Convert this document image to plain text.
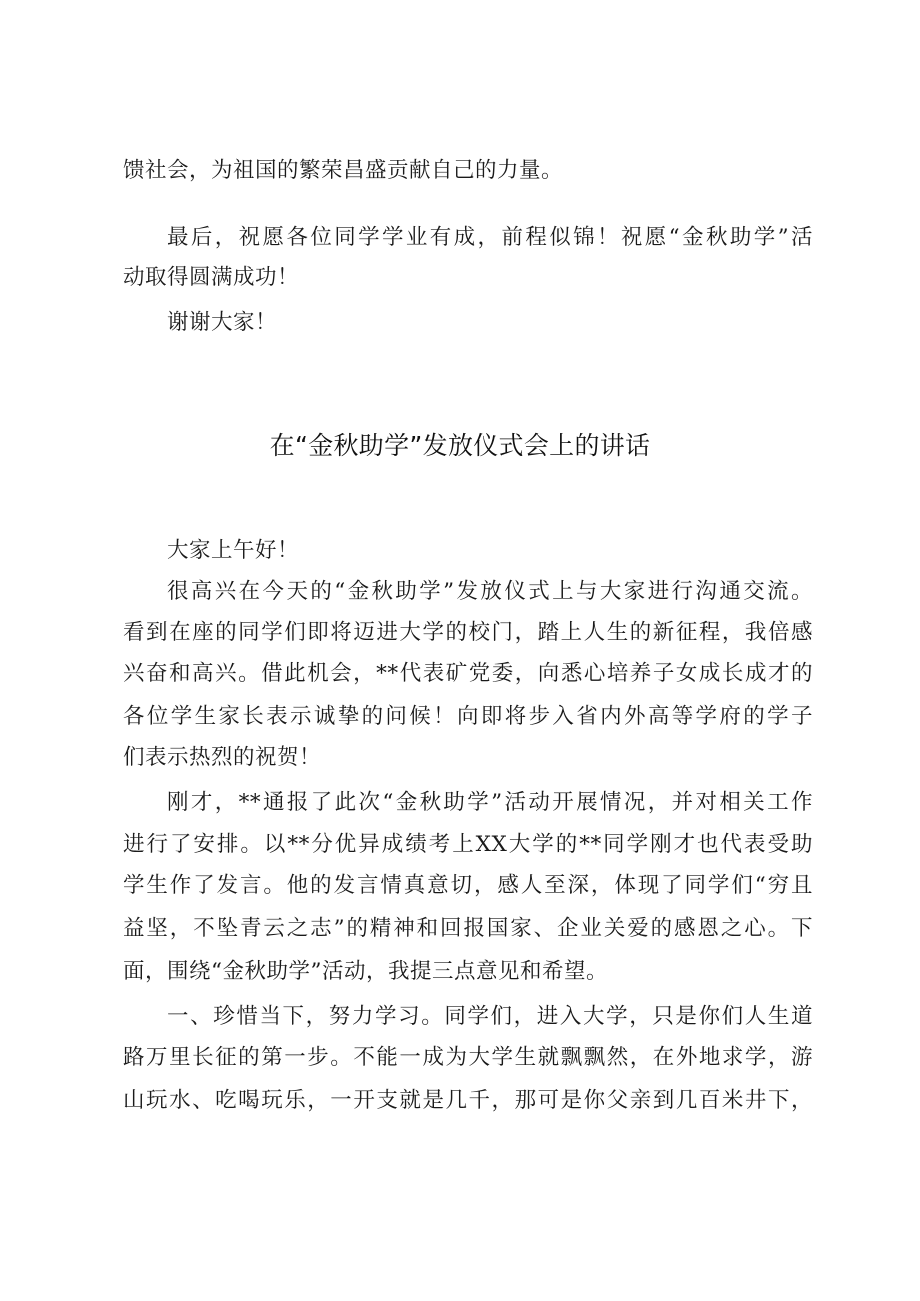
馈社会，为祖国的繁荣昌盛贡献自己的力量。
最后，祝愿各位同学学业有成，前程似锦！祝愿“金秋助学”活
动取得圆满成功！
谢谢大家！
在“金秋助学”发放仪式会上的讲话
大家上午好！
很高兴在今天的“金秋助学”发放仪式上与大家进行沟通交流。
看到在座的同学们即将迈进大学的校门，踏上人生的新征程，我倍感
兴奋和高兴。借此机会，**代表矿党委，向悉心培养子女成长成才的
各位学生家长表示诚挚的问候！向即将步入省内外高等学府的学子
们表示热烈的祝贺！
刚才，**通报了此次“金秋助学”活动开展情况，并对相关工作
进行了安排。以**分优异成绩考上XX大学的**同学刚才也代表受助
学生作了发言。他的发言情真意切，感人至深，体现了同学们“穷且
益坚，不坠青云之志”的精神和回报国家、企业关爱的感恩之心。下
面，围绕“金秋助学”活动，我提三点意见和希望。
一、珍惜当下，努力学习。同学们，进入大学，只是你们人生道
路万里长征的第一步。不能一成为大学生就飘飘然，在外地求学，游
山玩水、吃喝玩乐，一开支就是几千，那可是你父亲到几百米井下，
